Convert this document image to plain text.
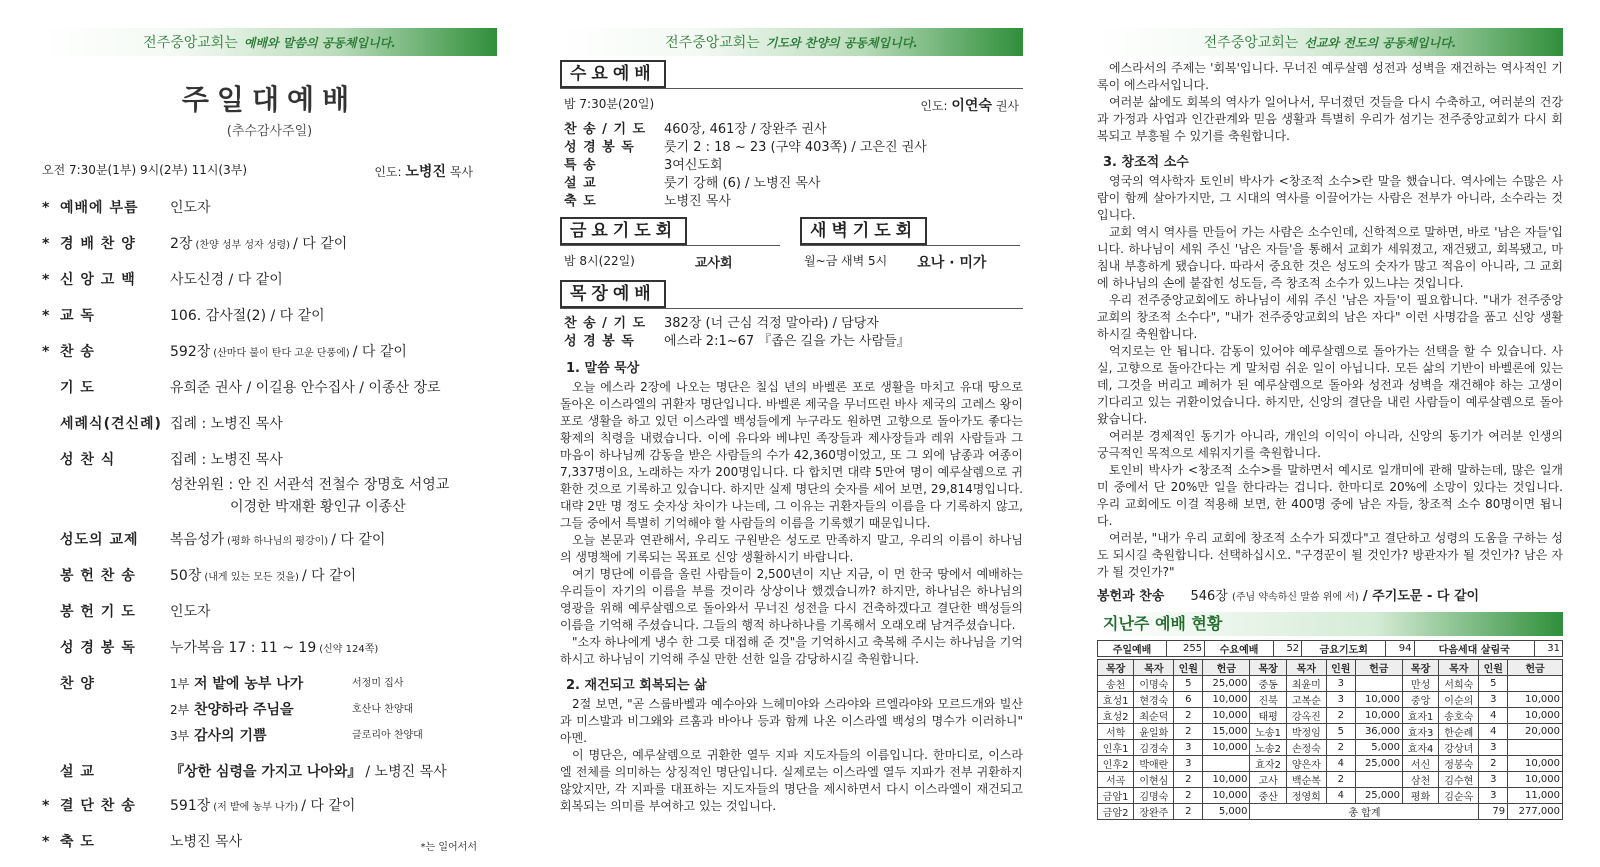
전주중앙교회는 예배와 말씀의 공동체입니다.
주일대예배
(추수감사주일)
오전 7:30분(1부) 9시(2부) 11시(3부)	인도: 노병진 목사
* 예배에 부름	인도자
* 경 배 찬 양	2장 (찬양 성부 성자 성령) / 다 같이
* 신 앙 고 백	사도신경 / 다 같이
* 교 독	106. 감사절(2) / 다 같이
* 찬 송	592장 (산마다 불이 탄다 고운 단풍에) / 다 같이
기 도	유희준 권사 / 이길용 안수집사 / 이종산 장로
세례식(견신례) 집례 : 노병진 목사
성 찬 식	집례 : 노병진 목사
성찬위원 : 안 진 서관석 전철수 장명호 서영교
이경한 박재환 황인규 이종산
성도의 교제	복음성가 (평화 하나님의 평강이) / 다 같이
봉 헌 찬 송	50장 (내게 있는 모든 것을) / 다 같이
봉 헌 기 도	인도자
성 경 봉 독	누가복음 17 : 11 ~ 19 (신약 124쪽)
찬 양	1부 저 밭에 농부 나가	서정미 집사
2부 찬양하라 주님을	호산나 찬양대
3부 감사의 기쁨	글로리아 찬양대
설 교	『상한 심령을 가지고 나아와』 / 노병진 목사
* 결 단 찬 송	591장 (저 밭에 농부 나가) / 다 같이
* 축 도	노병진 목사	*는 일어서서
전주중앙교회는 기도와 찬양의 공동체입니다.
수요예배
밤 7:30분(20일)	인도: 이연숙 권사
찬 송 / 기 도	460장, 461장 / 장완주 권사
성 경 봉 독	룻기 2 : 18 ~ 23 (구약 403쪽) / 고은진 권사
특 송	3여신도회
설 교	룻기 강해 (6) / 노병진 목사
축 도	노병진 목사
금요기도회
밤 8시(22일)	교사회
새벽기도회
월~금 새벽 5시 요나 · 미가
목장예배
찬 송 / 기 도	382장 (너 근심 걱정 말아라) / 담당자
성 경 봉 독	에스라 2:1~67 『좁은 길을 가는 사람들』
1. 말씀 묵상

오늘 에스라 2장에 나오는 명단은 칠십 년의 바벨론 포로 생활을 마치고 유대 땅으로 돌아온 이스라엘의 귀환자 명단입니다. 바벨론 제국을 무너뜨린 바사 제국의 고레스 왕이 포로 생활을 하고 있던 이스라엘 백성들에게 누구라도 원하면 고향으로 돌아가도 좋다는 황제의 칙령을 내렸습니다. 이에 유다와 베냐민 족장들과 제사장들과 레위 사람들과 그 마음이 하나님께 감동을 받은 사람들의 수가 42,360명이었고, 또 그 외에 남종과 여종이 7,337명이요, 노래하는 자가 200명입니다. 다 합치면 대략 5만여 명이 예루살렘으로 귀환한 것으로 기록하고 있습니다. 하지만 실제 명단의 숫자를 세어 보면, 29,814명입니다. 대략 2만 명 정도 숫자상 차이가 나는데, 그 이유는 귀환자들의 이름을 다 기록하지 않고, 그들 중에서 특별히 기억해야 할 사람들의 이름을 기록했기 때문입니다.

오늘 본문과 연관해서, 우리도 구원받은 성도로 만족하지 말고, 우리의 이름이 하나님의 생명책에 기록되는 목표로 신앙 생활하시기 바랍니다.

여기 명단에 이름을 올린 사람들이 2,500년이 지난 지금, 이 먼 한국 땅에서 예배하는 우리들이 자기의 이름을 부를 것이라 상상이나 했겠습니까? 하지만, 하나님은 하나님의 영광을 위해 예루살렘으로 돌아와서 무너진 성전을 다시 건축하겠다고 결단한 백성들의 이름을 기억해 주셨습니다. 그들의 행적 하나하나를 기록해서 오래오래 남겨주셨습니다.

"소자 하나에게 냉수 한 그릇 대접해 준 것"을 기억하시고 축복해 주시는 하나님을 기억하시고 하나님이 기억해 주실 만한 선한 일을 감당하시길 축원합니다.

2. 재건되고 회복되는 삶

2절 보면, "곧 스룹바벨과 예수아와 느헤미야와 스라야와 르엘라야와 모르드개와 빌산과 미스발과 비그왜와 르훔과 바아나 등과 함께 나온 이스라엘 백성의 명수가 이러하니" 아멘.

이 명단은, 예루살렘으로 귀환한 열두 지파 지도자들의 이름입니다. 한마디로, 이스라엘 전체를 의미하는 상징적인 명단입니다. 실제로는 이스라엘 열두 지파가 전부 귀환하지 않았지만, 각 지파를 대표하는 지도자들의 명단을 제시하면서 다시 이스라엘이 재건되고 회복되는 의미를 부여하고 있는 것입니다.

전주중앙교회는 선교와 전도의 공동체입니다.

에스라서의 주제는 '회복'입니다. 무너진 예루살렘 성전과 성벽을 재건하는 역사적인 기록이 에스라서입니다.

여러분 삶에도 회복의 역사가 일어나서, 무너졌던 것들을 다시 수축하고, 여러분의 건강과 가정과 사업과 인간관계와 믿음 생활과 특별히 우리가 섬기는 전주중앙교회가 다시 회복되고 부흥될 수 있기를 축원합니다.

3. 창조적 소수

영국의 역사학자 토인비 박사가 <창조적 소수>란 말을 했습니다. 역사에는 수많은 사람이 함께 살아가지만, 그 시대의 역사를 이끌어가는 사람은 전부가 아니라, 소수라는 것입니다.

교회 역시 역사를 만들어 가는 사람은 소수인데, 신학적으로 말하면, 바로 '남은 자들'입니다. 하나님이 세워 주신 '남은 자들'을 통해서 교회가 세워졌고, 재건됐고, 회복됐고, 마침내 부흥하게 됐습니다. 따라서 중요한 것은 성도의 숫자가 많고 적음이 아니라, 그 교회에 하나님의 손에 붙잡힌 성도들, 즉 창조적 소수가 있느냐는 것입니다.

우리 전주중앙교회에도 하나님이 세워 주신 '남은 자들'이 필요합니다. "내가 전주중앙교회의 창조적 소수다", "내가 전주중앙교회의 남은 자다" 이런 사명감을 품고 신앙 생활하시길 축원합니다.

억지로는 안 됩니다. 감동이 있어야 예루살렘으로 돌아가는 선택을 할 수 있습니다. 사실, 고향으로 돌아간다는 게 말처럼 쉬운 일이 아닙니다. 모든 삶의 기반이 바벨론에 있는데, 그것을 버리고 폐허가 된 예루살렘으로 돌아와 성전과 성벽을 재건해야 하는 고생이 기다리고 있는 귀환이었습니다. 하지만, 신앙의 결단을 내린 사람들이 예루살렘으로 돌아왔습니다.

여러분 경제적인 동기가 아니라, 개인의 이익이 아니라, 신앙의 동기가 여러분 인생의 궁극적인 목적으로 세워지기를 축원합니다.

토인비 박사가 <창조적 소수>를 말하면서 예시로 일개미에 관해 말하는데, 많은 일개미 중에서 단 20%만 일을 한다라는 겁니다. 한마디로 20%에 소망이 있다는 것입니다. 우리 교회에도 이걸 적용해 보면, 한 400명 중에 남은 자들, 창조적 소수 80명이면 됩니다.

여러분, "내가 우리 교회에 창조적 소수가 되겠다"고 결단하고 성령의 도움을 구하는 성도 되시길 축원합니다. 선택하십시오. "구경꾼이 될 것인가? 방관자가 될 것인가? 남은 자가 될 것인가?"

봉헌과 찬송 546장 (주님 약속하신 말씀 위에 서) / 주기도문 - 다 같이
지난주 예배 현황
주일예배	255	수요예배	52	금요기도회	94	다음세대 살림국	31
목장	목자	인원	헌금	목장	목자	인원	헌금	목장	목자	인원	헌금
송천	이명숙	5	25,000	중동	최윤미	3		만성	서희숙	5	
효성1	현경숙	6	10,000	진북	고복순	3	10,000	중앙	이순의	3	10,000
효성2	최순덕	2	10,000	태평	강옥진	2	10,000	효자1	송호숙	4	10,000
서학	윤일화	2	15,000	노송1	박정임	5	36,000	효자3	한순례	4	20,000
인후1	김경숙	3	10,000	노송2	손정숙	2	5,000	효자4	강상녀	3	
인후2	박애란	3		효자2	양은자	4	25,000	서신	정봉숙	2	10,000
서곡	이현심	2	10,000	고사	백순복	2		삼천	김수현	3	10,000
금암1	김명숙	2	10,000	중산	정영희	4	25,000	평화	김순옥	3	11,000
금암2	장완주	2	5,000	총 합계						79	277,000
